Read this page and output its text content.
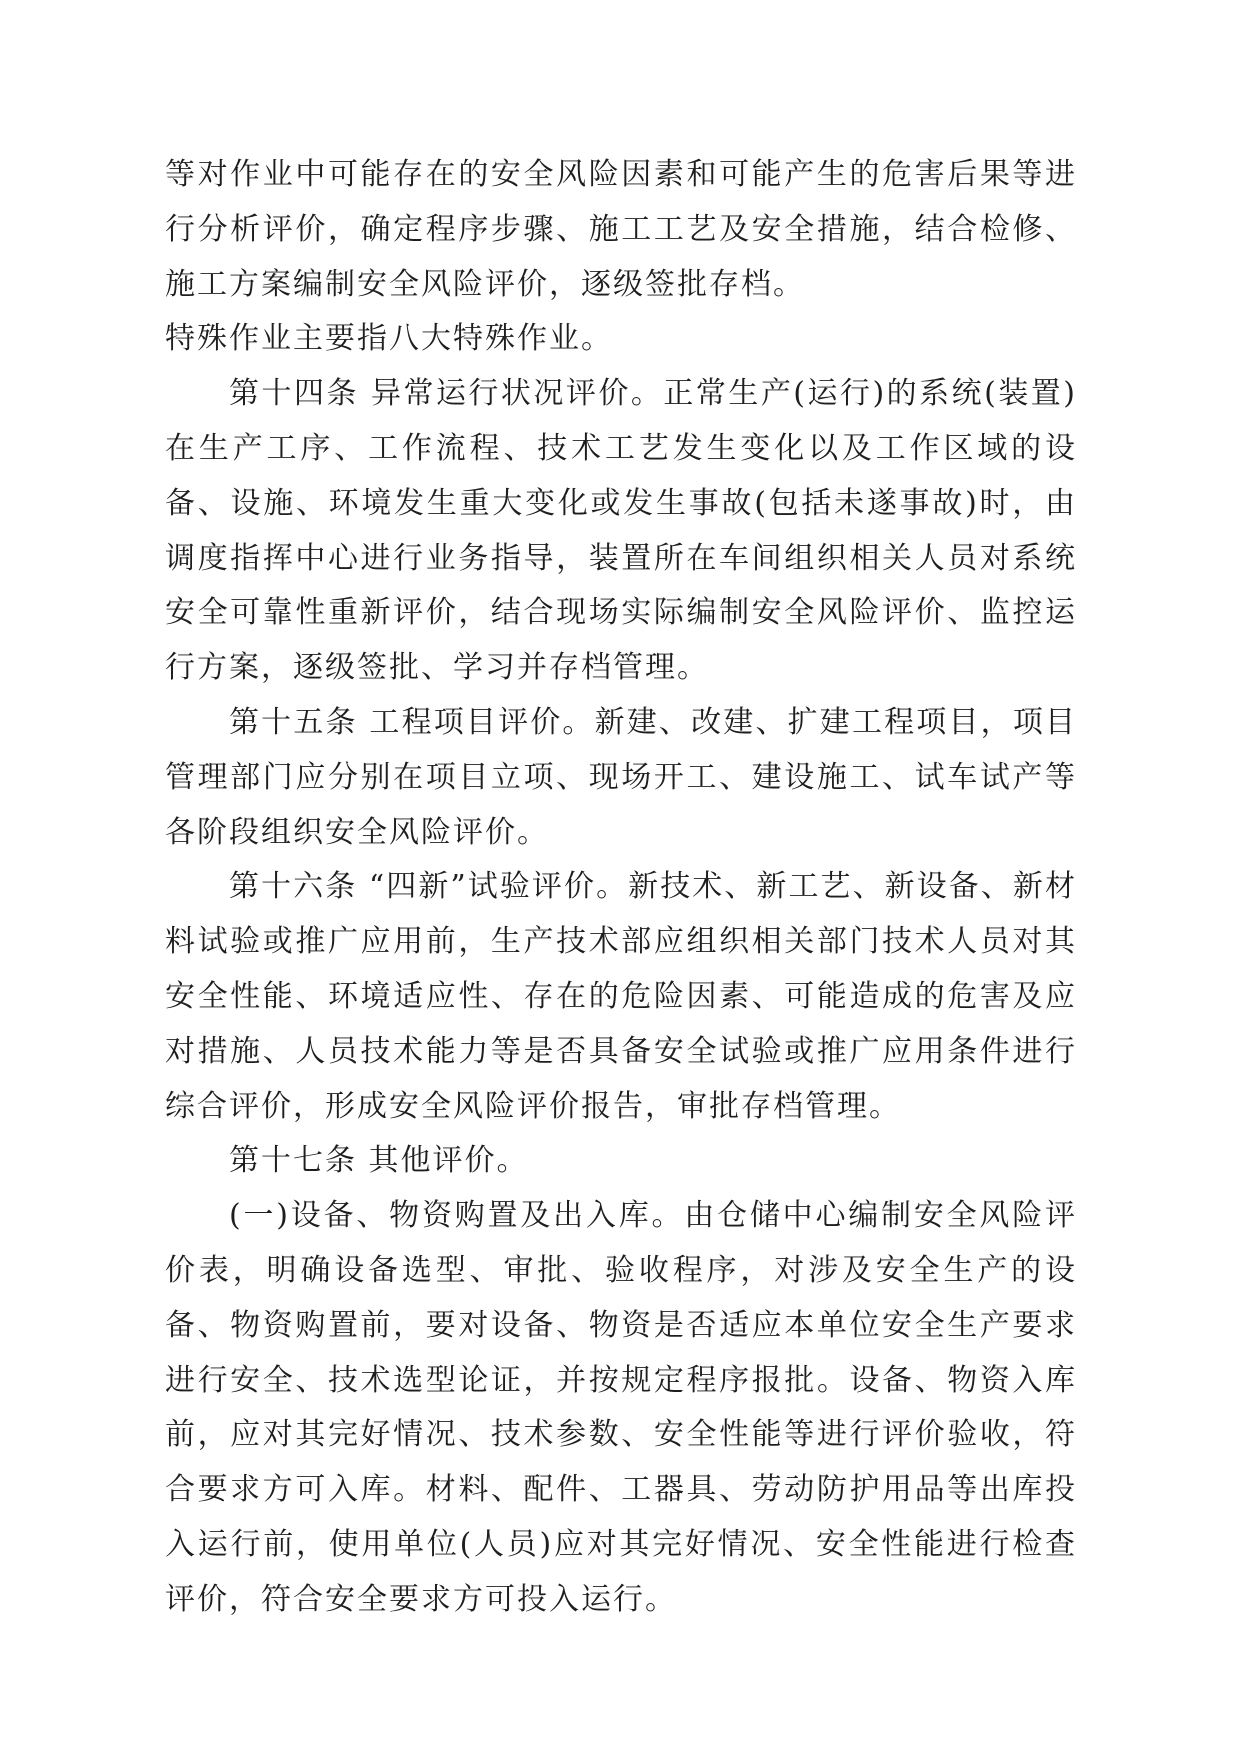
等对作业中可能存在的安全风险因素和可能产生的危害后果等进行分析评价，确定程序步骤、施工工艺及安全措施，结合检修、施工方案编制安全风险评价，逐级签批存档。

特殊作业主要指八大特殊作业。

第十四条 异常运行状况评价。正常生产(运行)的系统(装置)在生产工序、工作流程、技术工艺发生变化以及工作区域的设备、设施、环境发生重大变化或发生事故(包括未遂事故)时，由调度指挥中心进行业务指导，装置所在车间组织相关人员对系统安全可靠性重新评价，结合现场实际编制安全风险评价、监控运行方案，逐级签批、学习并存档管理。

第十五条 工程项目评价。新建、改建、扩建工程项目，项目管理部门应分别在项目立项、现场开工、建设施工、试车试产等各阶段组织安全风险评价。

第十六条 “四新”试验评价。新技术、新工艺、新设备、新材料试验或推广应用前，生产技术部应组织相关部门技术人员对其安全性能、环境适应性、存在的危险因素、可能造成的危害及应对措施、人员技术能力等是否具备安全试验或推广应用条件进行综合评价，形成安全风险评价报告，审批存档管理。

第十七条 其他评价。

(一)设备、物资购置及出入库。由仓储中心编制安全风险评价表，明确设备选型、审批、验收程序，对涉及安全生产的设备、物资购置前，要对设备、物资是否适应本单位安全生产要求进行安全、技术选型论证，并按规定程序报批。设备、物资入库前，应对其完好情况、技术参数、安全性能等进行评价验收，符合要求方可入库。材料、配件、工器具、劳动防护用品等出库投入运行前，使用单位(人员)应对其完好情况、安全性能进行检查评价，符合安全要求方可投入运行。
